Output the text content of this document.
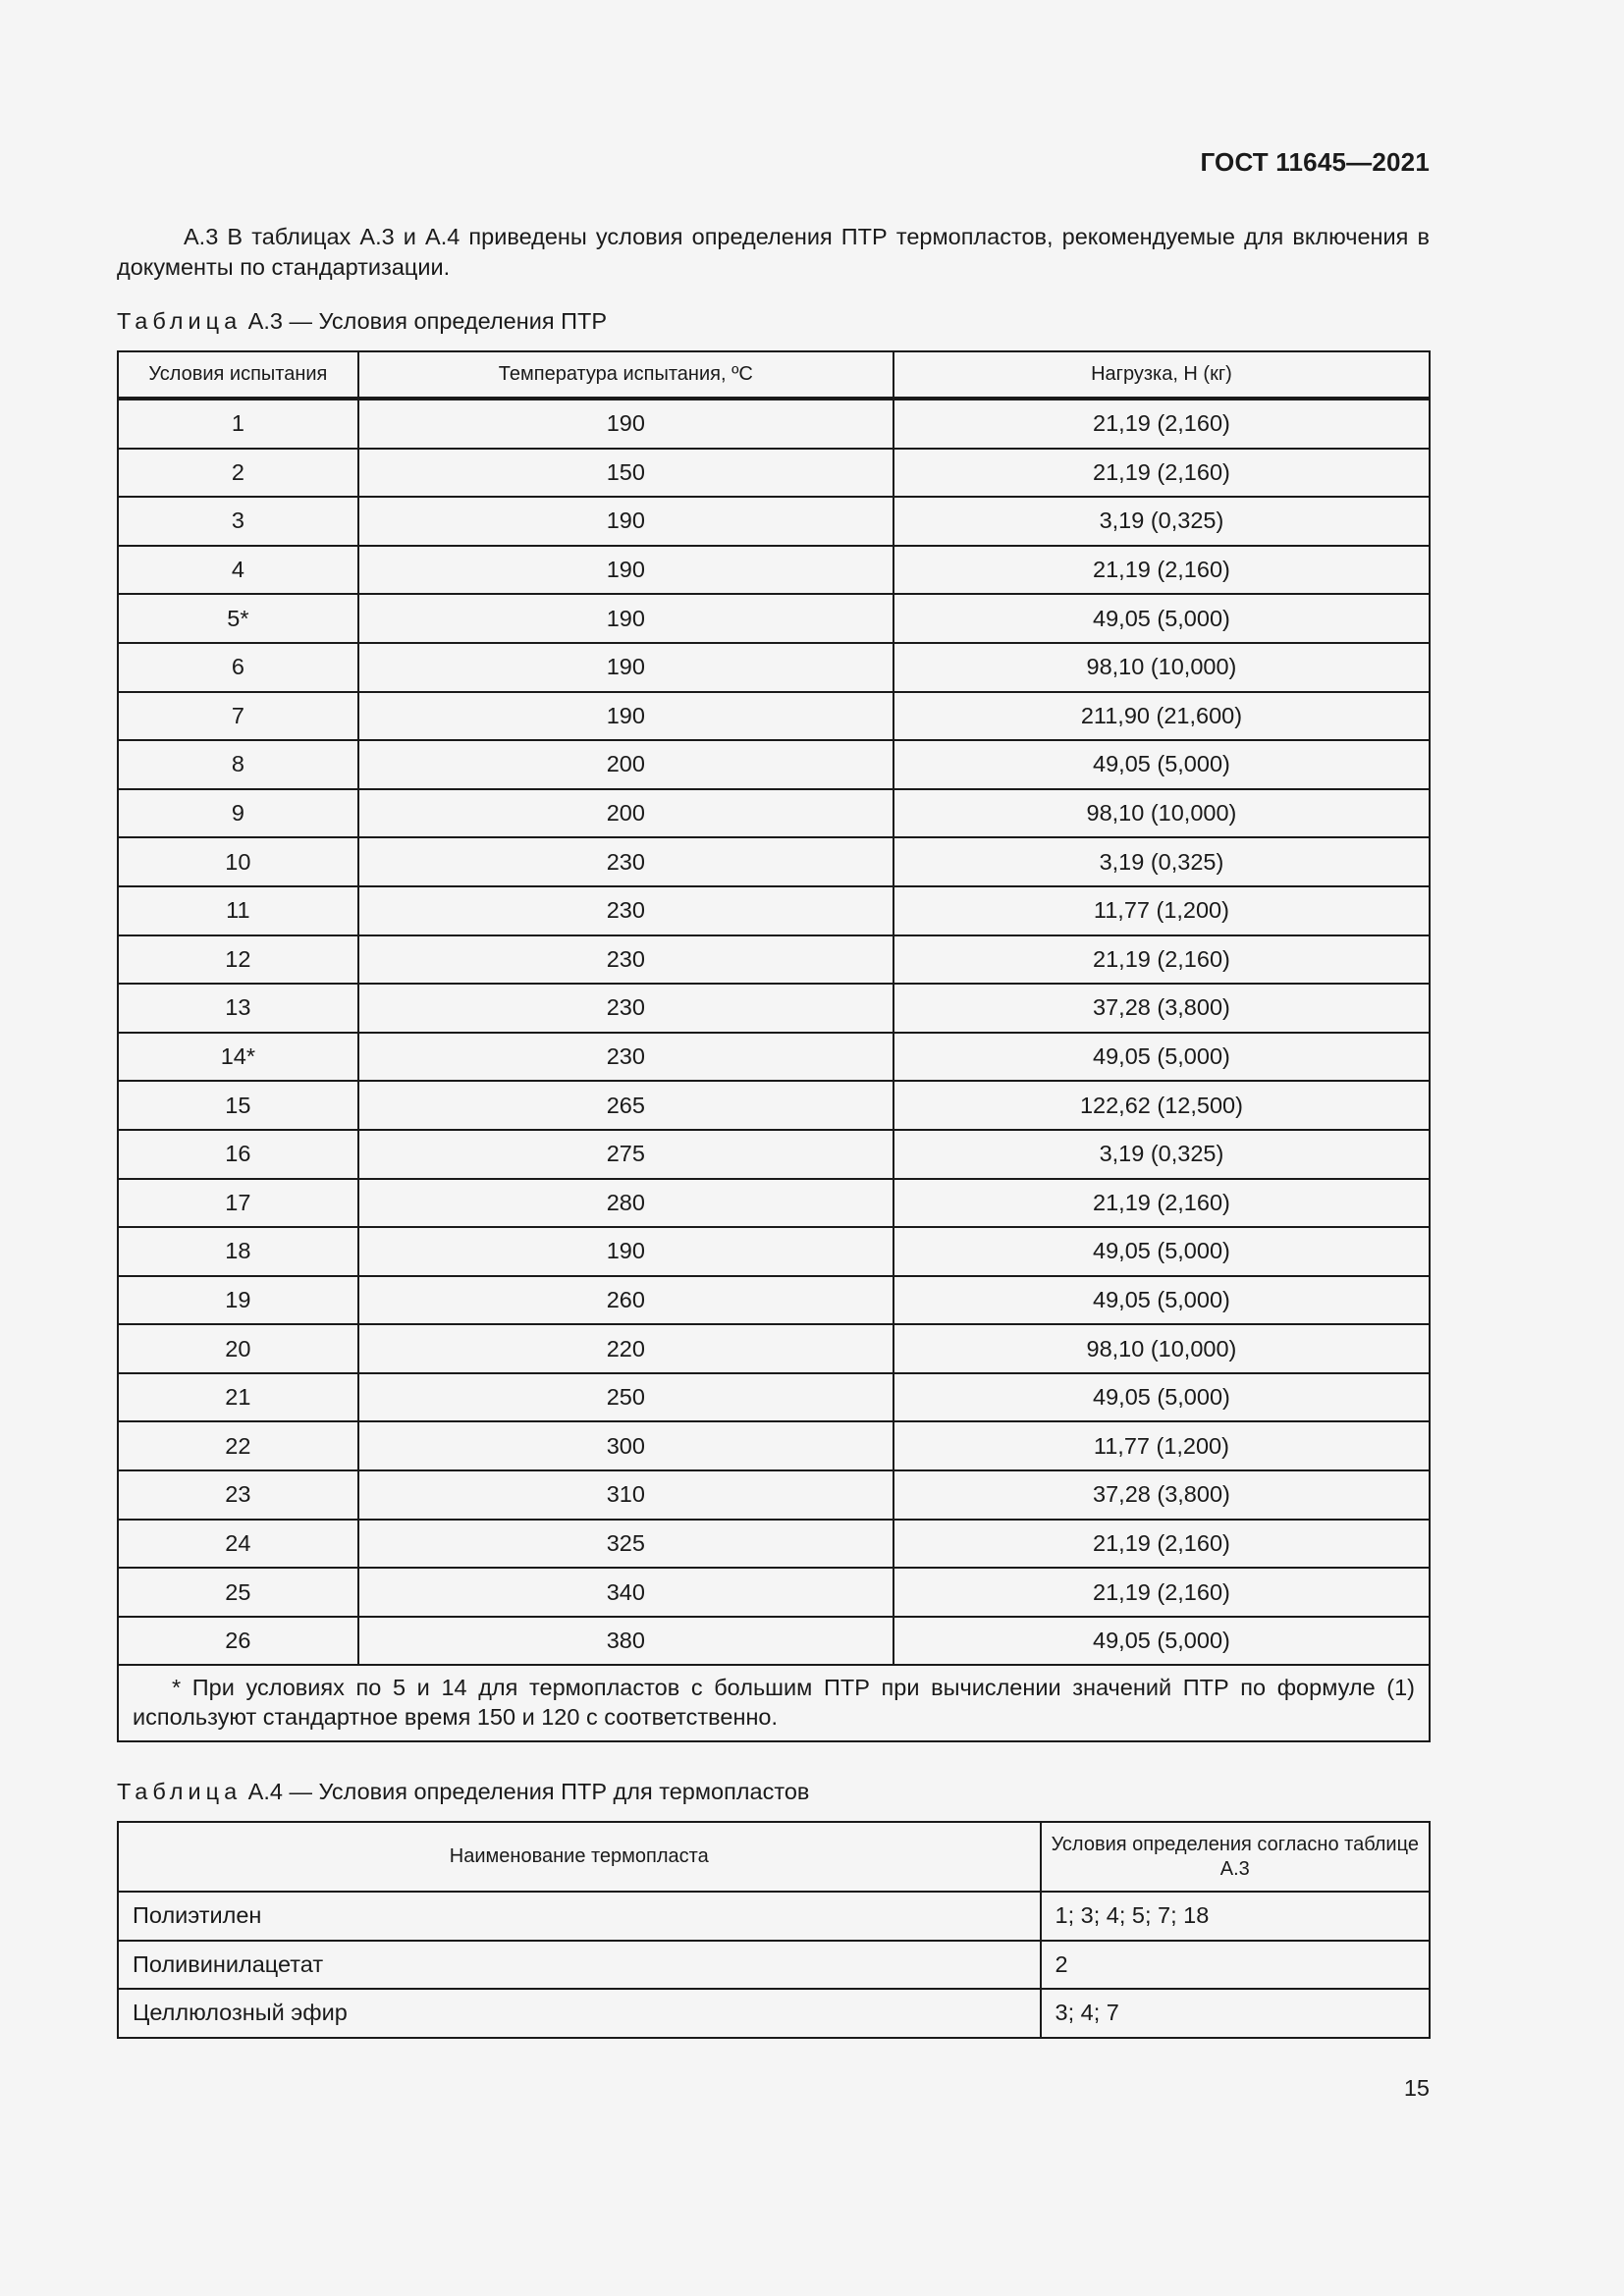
ГОСТ 11645—2021

А.3 В таблицах А.3 и А.4 приведены условия определения ПТР термопластов, рекомендуемые для включения в документы по стандартизации.

Таблица А.3 — Условия определения ПТР
Условия испытания	Температура испытания, ºС	Нагрузка, Н (кг)
1	190	21,19 (2,160)
2	150	21,19 (2,160)
3	190	3,19 (0,325)
4	190	21,19 (2,160)
5*	190	49,05 (5,000)
6	190	98,10 (10,000)
7	190	211,90 (21,600)
8	200	49,05 (5,000)
9	200	98,10 (10,000)
10	230	3,19 (0,325)
11	230	11,77 (1,200)
12	230	21,19 (2,160)
13	230	37,28 (3,800)
14*	230	49,05 (5,000)
15	265	122,62 (12,500)
16	275	3,19 (0,325)
17	280	21,19 (2,160)
18	190	49,05 (5,000)
19	260	49,05 (5,000)
20	220	98,10 (10,000)
21	250	49,05 (5,000)
22	300	11,77 (1,200)
23	310	37,28 (3,800)
24	325	21,19 (2,160)
25	340	21,19 (2,160)
26	380	49,05 (5,000)

* При условиях по 5 и 14 для термопластов с большим ПТР при вычислении значений ПТР по формуле (1) используют стандартное время 150 и 120 с соответственно.		
Таблица А.4 — Условия определения ПТР для термопластов
Наименование термопласта	Условия определения согласно таблице А.3
Полиэтилен	1; 3; 4; 5; 7; 18
Поливинилацетат	2
Целлюлозный эфир	3; 4; 7
15
